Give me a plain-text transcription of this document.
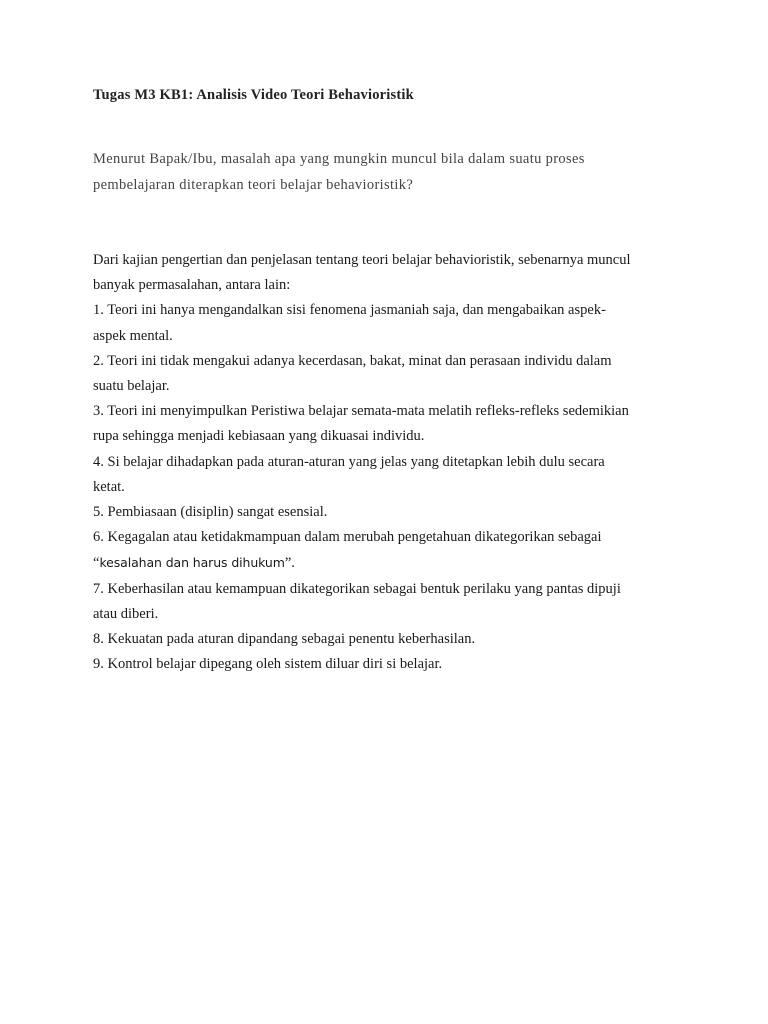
Tugas M3 KB1: Analisis Video Teori Behavioristik

Menurut Bapak/Ibu, masalah apa yang mungkin muncul bila dalam suatu proses
pembelajaran diterapkan teori belajar behavioristik?

Dari kajian pengertian dan penjelasan tentang teori belajar behavioristik, sebenarnya muncul
banyak permasalahan, antara lain:
1. Teori ini hanya mengandalkan sisi fenomena jasmaniah saja, dan mengabaikan aspek-
aspek mental.
2. Teori ini tidak mengakui adanya kecerdasan, bakat, minat dan perasaan individu dalam
suatu belajar.
3. Teori ini menyimpulkan Peristiwa belajar semata-mata melatih refleks-refleks sedemikian
rupa sehingga menjadi kebiasaan yang dikuasai individu.
4. Si belajar dihadapkan pada aturan-aturan yang jelas yang ditetapkan lebih dulu secara
ketat.
5. Pembiasaan (disiplin) sangat esensial.
6. Kegagalan atau ketidakmampuan dalam merubah pengetahuan dikategorikan sebagai
“kesalahan dan harus dihukum”.
7. Keberhasilan atau kemampuan dikategorikan sebagai bentuk perilaku yang pantas dipuji
atau diberi.
8. Kekuatan pada aturan dipandang sebagai penentu keberhasilan.
9. Kontrol belajar dipegang oleh sistem diluar diri si belajar.
